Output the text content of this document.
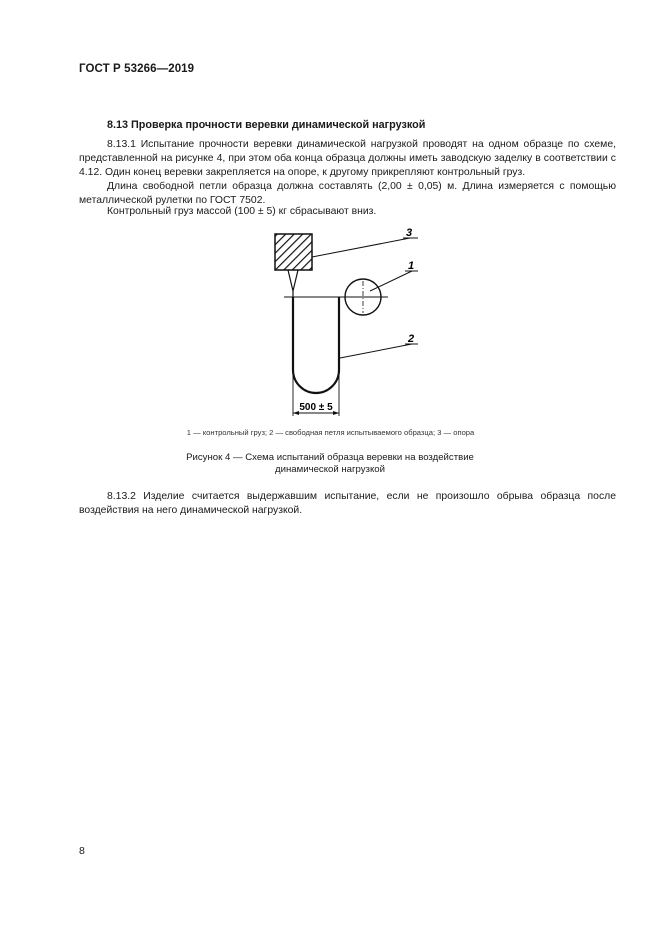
ГОСТ Р 53266—2019
8.13 Проверка прочности веревки динамической нагрузкой
8.13.1 Испытание прочности веревки динамической нагрузкой проводят на одном образце по схеме, представленной на рисунке 4, при этом оба конца образца должны иметь заводскую заделку в соответствии с 4.12. Один конец веревки закрепляется на опоре, к другому прикрепляют контрольный груз.
Длина свободной петли образца должна составлять (2,00 ± 0,05) м. Длина измеряется с помощью металлической рулетки по ГОСТ 7502.
Контрольный груз массой (100 ± 5) кг сбрасывают вниз.
3
1
2
500 ± 5
1 — контрольный груз; 2 — свободная петля испытываемого образца; 3 — опора
Рисунок 4 — Схема испытаний образца веревки на воздействие
динамической нагрузкой
8.13.2 Изделие считается выдержавшим испытание, если не произошло обрыва образца после воздействия на него динамической нагрузкой.
8
